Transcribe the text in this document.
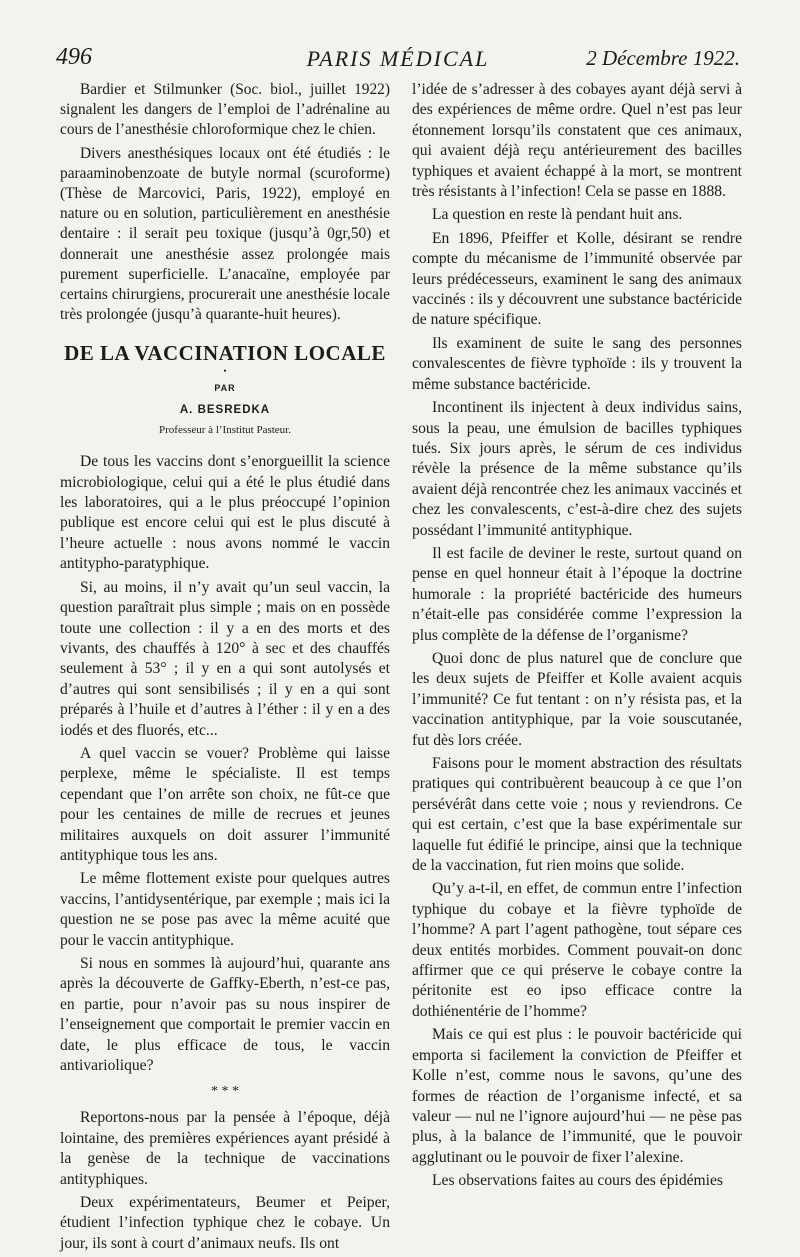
496	PARIS MÉDICAL	2 Décembre 1922.

Bardier et Stilmunker (Soc. biol., juillet 1922) signalent les dangers de l’emploi de l’adrénaline au cours de l’anesthésie chloroformique chez le chien.

Divers anesthésiques locaux ont été étudiés : le paraaminobenzoate de butyle normal (scuroforme) (Thèse de Marcovici, Paris, 1922), employé en nature ou en solution, particulièrement en anesthésie dentaire : il serait peu toxique (jusqu’à 0gr,50) et donnerait une anesthésie assez prolongée mais purement superficielle. L’anacaïne, employée par certains chirurgiens, procurerait une anesthésie locale très prolongée (jusqu’à quarante-huit heures).

DE LA VACCINATION LOCALE
•
PAR
A. BESREDKA
Professeur à l’Institut Pasteur.

De tous les vaccins dont s’enorgueillit la science microbiologique, celui qui a été le plus étudié dans les laboratoires, qui a le plus préoccupé l’opinion publique est encore celui qui est le plus discuté à l’heure actuelle : nous avons nommé le vaccin antitypho-paratyphique.

Si, au moins, il n’y avait qu’un seul vaccin, la question paraîtrait plus simple ; mais on en possède toute une collection : il y a en des morts et des vivants, des chauffés à 120° à sec et des chauffés seulement à 53° ; il y en a qui sont autolysés et d’autres qui sont sensibilisés ; il y en a qui sont préparés à l’huile et d’autres à l’éther : il y en a des iodés et des fluorés, etc...

A quel vaccin se vouer? Problème qui laisse perplexe, même le spécialiste. Il est temps cependant que l’on arrête son choix, ne fût-ce que pour les centaines de mille de recrues et jeunes militaires auxquels on doit assurer l’immunité antityphique tous les ans.

Le même flottement existe pour quelques autres vaccins, l’antidysentérique, par exemple ; mais ici la question ne se pose pas avec la même acuité que pour le vaccin antityphique.

Si nous en sommes là aujourd’hui, quarante ans après la découverte de Gaffky-Eberth, n’est-ce pas, en partie, pour n’avoir pas su nous inspirer de l’enseignement que comportait le premier vaccin en date, le plus efficace de tous, le vaccin antivariolique?

* * *

Reportons-nous par la pensée à l’époque, déjà lointaine, des premières expériences ayant présidé à la genèse de la technique de vaccinations antityphiques.

Deux expérimentateurs, Beumer et Peiper, étudient l’infection typhique chez le cobaye. Un jour, ils sont à court d’animaux neufs. Ils ont

l’idée de s’adresser à des cobayes ayant déjà servi à des expériences de même ordre. Quel n’est pas leur étonnement lorsqu’ils constatent que ces animaux, qui avaient déjà reçu antérieurement des bacilles typhiques et avaient échappé à la mort, se montrent très résistants à l’infection! Cela se passe en 1888.

La question en reste là pendant huit ans.

En 1896, Pfeiffer et Kolle, désirant se rendre compte du mécanisme de l’immunité observée par leurs prédécesseurs, examinent le sang des animaux vaccinés : ils y découvrent une substance bactéricide de nature spécifique.

Ils examinent de suite le sang des personnes convalescentes de fièvre typhoïde : ils y trouvent la même substance bactéricide.

Incontinent ils injectent à deux individus sains, sous la peau, une émulsion de bacilles typhiques tués. Six jours après, le sérum de ces individus révèle la présence de la même substance qu’ils avaient déjà rencontrée chez les animaux vaccinés et chez les convalescents, c’est-à-dire chez des sujets possédant l’immunité antityphique.

Il est facile de deviner le reste, surtout quand on pense en quel honneur était à l’époque la doctrine humorale : la propriété bactéricide des humeurs n’était-elle pas considérée comme l’expression la plus complète de la défense de l’organisme?

Quoi donc de plus naturel que de conclure que les deux sujets de Pfeiffer et Kolle avaient acquis l’immunité? Ce fut tentant : on n’y résista pas, et la vaccination antityphique, par la voie souscutanée, fut dès lors créée.

Faisons pour le moment abstraction des résultats pratiques qui contribuèrent beaucoup à ce que l’on persévérât dans cette voie ; nous y reviendrons. Ce qui est certain, c’est que la base expérimentale sur laquelle fut édifié le principe, ainsi que la technique de la vaccination, fut rien moins que solide.

Qu’y a-t-il, en effet, de commun entre l’infection typhique du cobaye et la fièvre typhoïde de l’homme? A part l’agent pathogène, tout sépare ces deux entités morbides. Comment pouvait-on donc affirmer que ce qui préserve le cobaye contre la péritonite est eo ipso efficace contre la dothiénentérie de l’homme?

Mais ce qui est plus : le pouvoir bactéricide qui emporta si facilement la conviction de Pfeiffer et Kolle n’est, comme nous le savons, qu’une des formes de réaction de l’organisme infecté, et sa valeur — nul ne l’ignore aujourd’hui — ne pèse pas plus, à la balance de l’immunité, que le pouvoir agglutinant ou le pouvoir de fixer l’alexine.

Les observations faites au cours des épidémies
